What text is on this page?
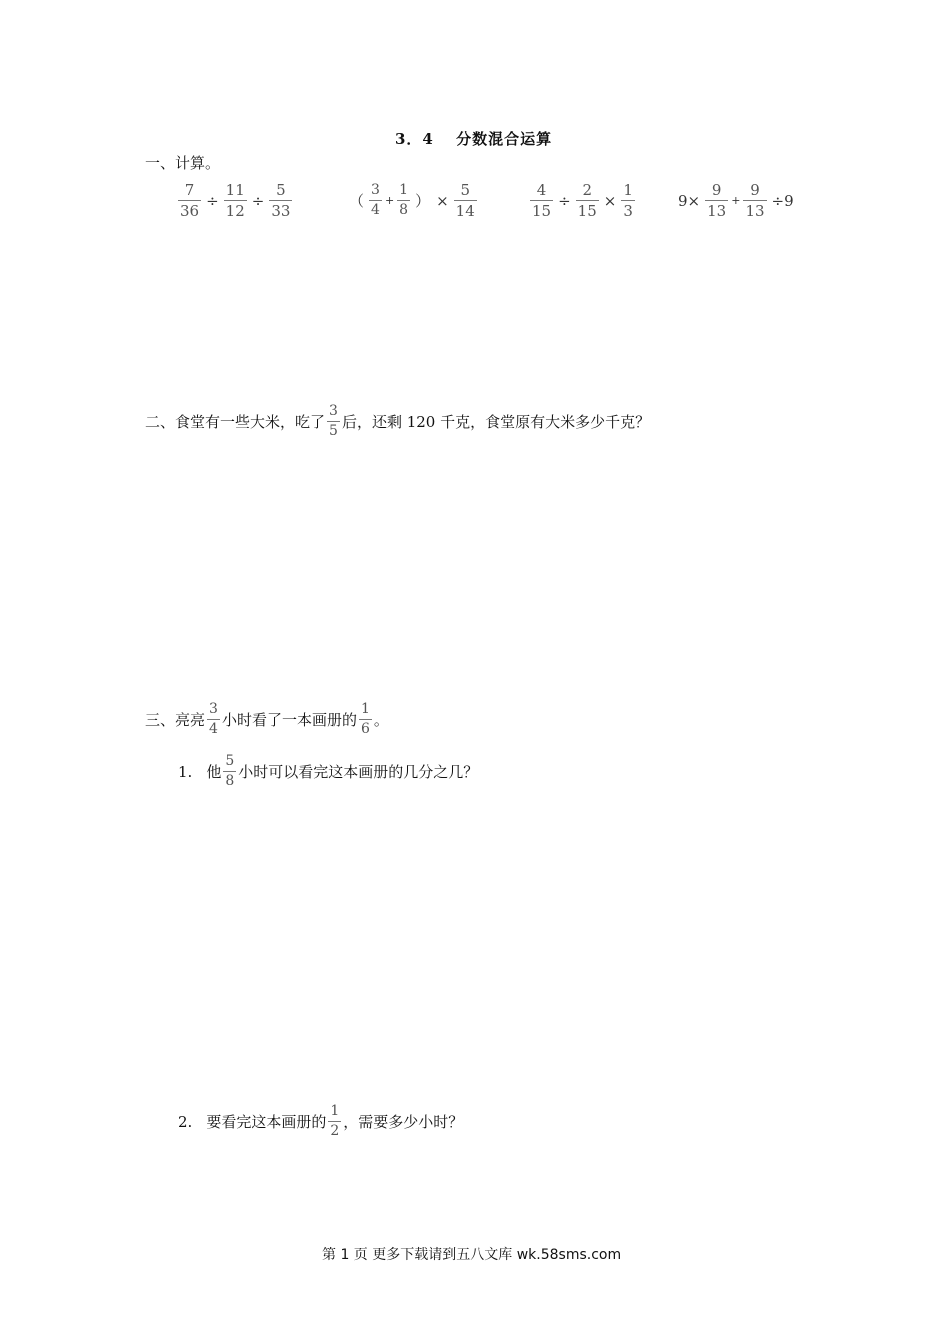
3．4　 分数混合运算
一、计算。
$\frac{7}{36} \div \frac{11}{12} \div \frac{5}{33}$	（ $\frac{3}{4} + \frac{1}{8}$ ） × $\frac{5}{14}$	$\frac{4}{15} \div \frac{2}{15} \times \frac{1}{3}$	$9\times \frac{9}{13} + \frac{9}{13} \div 9$
二、食堂有一些大米，吃了 $\frac{3}{5}$ 后，还剩 120 千克，食堂原有大米多少千克？
三、亮亮 $\frac{3}{4}$ 小时看了一本画册的 $\frac{1}{6}$ 。
1. 他 $\frac{5}{8}$ 小时可以看完这本画册的几分之几？
2. 要看完这本画册的 $\frac{1}{2}$ ，需要多少小时？
第 1 页 更多下载请到五八文库 wk.58sms.com
